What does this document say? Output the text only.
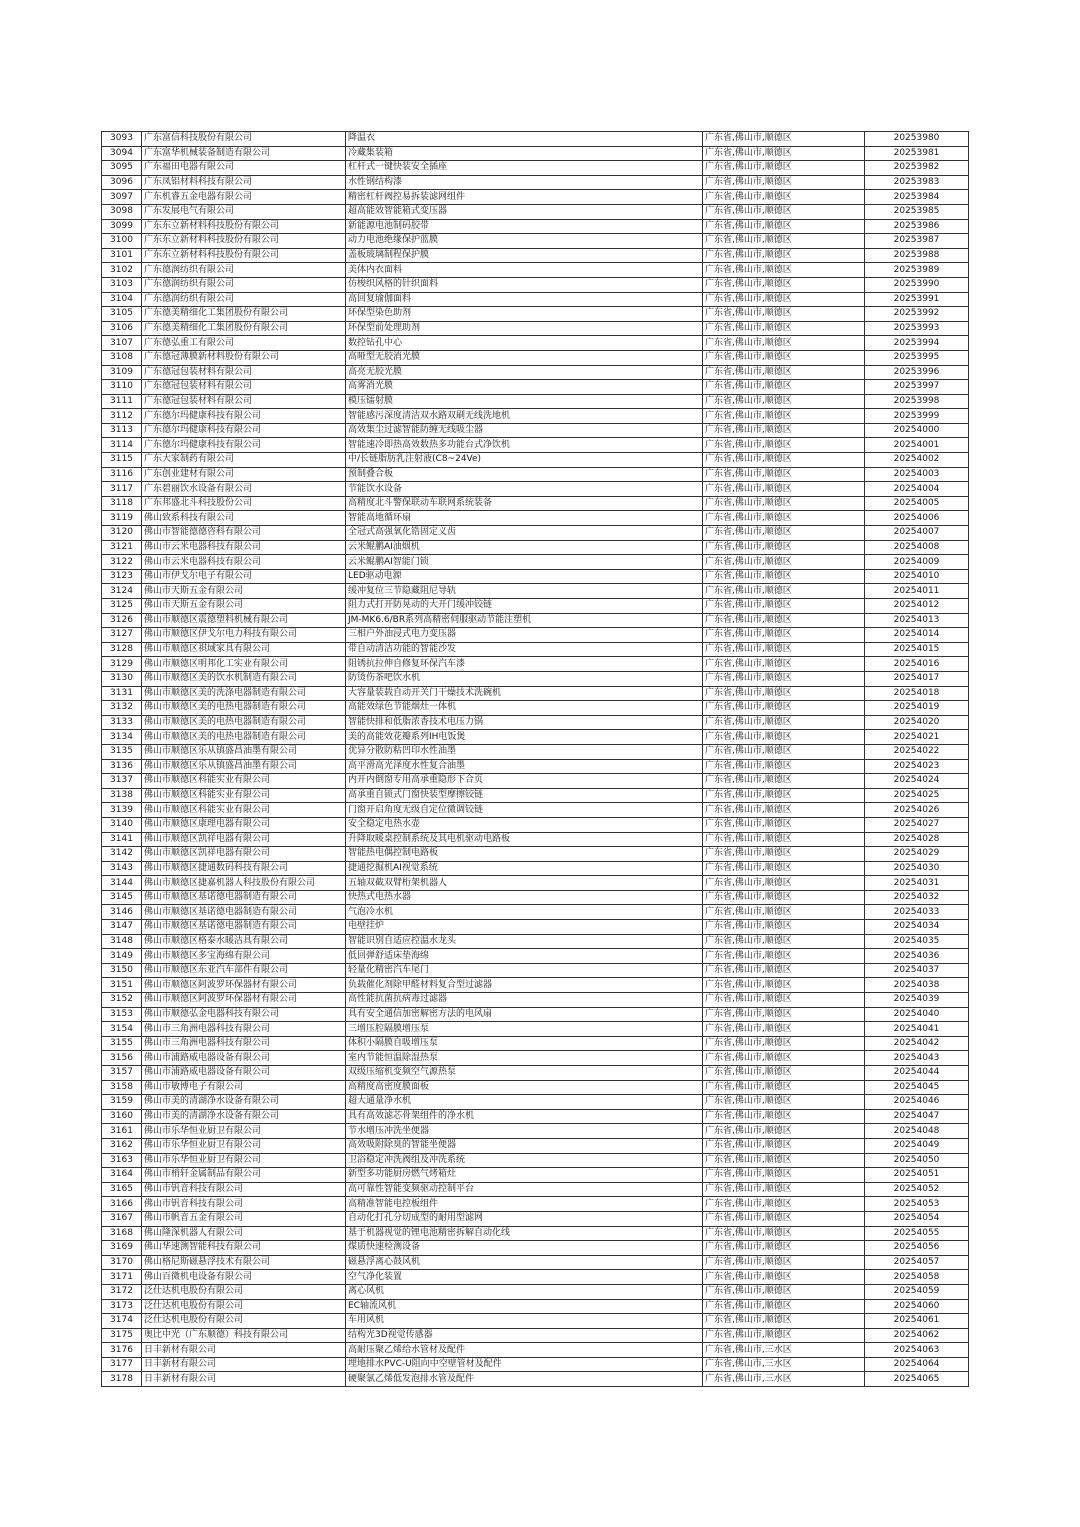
3093	广东富信科技股份有限公司	降温衣	广东省,佛山市,顺德区	20253980
3094	广东富华机械装备制造有限公司	冷藏集装箱	广东省,佛山市,顺德区	20253981
3095	广东福田电器有限公司	杠杆式一键快装安全插座	广东省,佛山市,顺德区	20253982
3096	广东凤铝材料科技有限公司	水性钢结构漆	广东省,佛山市,顺德区	20253983
3097	广东机睿五金电器有限公司	精密杠杆阀控易拆装滤网组件	广东省,佛山市,顺德区	20253984
3098	广东发展电气有限公司	超高能效智能箱式变压器	广东省,佛山市,顺德区	20253985
3099	广东东立新材料科技股份有限公司	新能源电池制码胶带	广东省,佛山市,顺德区	20253986
3100	广东东立新材料科技股份有限公司	动力电池绝缘保护蓝膜	广东省,佛山市,顺德区	20253987
3101	广东东立新材料科技股份有限公司	盖板玻璃制程保护膜	广东省,佛山市,顺德区	20253988
3102	广东德润纺织有限公司	美体内衣面料	广东省,佛山市,顺德区	20253989
3103	广东德润纺织有限公司	仿梭织风格的针织面料	广东省,佛山市,顺德区	20253990
3104	广东德润纺织有限公司	高回复瑜伽面料	广东省,佛山市,顺德区	20253991
3105	广东德美精细化工集团股份有限公司	环保型染色助剂	广东省,佛山市,顺德区	20253992
3106	广东德美精细化工集团股份有限公司	环保型前处理助剂	广东省,佛山市,顺德区	20253993
3107	广东德弘重工有限公司	数控钻孔中心	广东省,佛山市,顺德区	20253994
3108	广东德冠薄膜新材料股份有限公司	高哑型无胶消光膜	广东省,佛山市,顺德区	20253995
3109	广东德冠包装材料有限公司	高亮无胶光膜	广东省,佛山市,顺德区	20253996
3110	广东德冠包装材料有限公司	高雾消光膜	广东省,佛山市,顺德区	20253997
3111	广东德冠包装材料有限公司	模压镭射膜	广东省,佛山市,顺德区	20253998
3112	广东德尔玛健康科技有限公司	智能感污深度清洁双水路双刷无线洗地机	广东省,佛山市,顺德区	20253999
3113	广东德尔玛健康科技有限公司	高效集尘过滤智能防缠无线吸尘器	广东省,佛山市,顺德区	20254000
3114	广东德尔玛健康科技有限公司	智能速冷即热高效数热多功能台式净饮机	广东省,佛山市,顺德区	20254001
3115	广东大家制药有限公司	中/长链脂肪乳注射液(C8~24Ve)	广东省,佛山市,顺德区	20254002
3116	广东创业建材有限公司	预制叠合板	广东省,佛山市,顺德区	20254003
3117	广东碧丽饮水设备有限公司	节能饮水设备	广东省,佛山市,顺德区	20254004
3118	广东邦盛北斗科技股份公司	高精度北斗警保联动车联网系统装备	广东省,佛山市,顺德区	20254005
3119	佛山致系科技有限公司	智能高地循环扇	广东省,佛山市,顺德区	20254006
3120	佛山市智能德德咨科有限公司	全冠式高强氧化锆固定义齿	广东省,佛山市,顺德区	20254007
3121	佛山市云米电器科技有限公司	云米鲲鹏AI油烟机	广东省,佛山市,顺德区	20254008
3122	佛山市云米电器科技有限公司	云米鲲鹏AI智能门锁	广东省,佛山市,顺德区	20254009
3123	佛山市伊戈尔电子有限公司	LED驱动电源	广东省,佛山市,顺德区	20254010
3124	佛山市天斯五金有限公司	缓冲复位三节隐藏阻尼导轨	广东省,佛山市,顺德区	20254011
3125	佛山市天斯五金有限公司	阻力式打开防晃动的大开门缓冲铰链	广东省,佛山市,顺德区	20254012
3126	佛山市顺德区震德塑料机械有限公司	JM-MK6.6/BR系列高精密伺服驱动节能注塑机	广东省,佛山市,顺德区	20254013
3127	佛山市顺德区伊戈尔电力科技有限公司	三相户外油浸式电力变压器	广东省,佛山市,顺德区	20254014
3128	佛山市顺德区祺域家具有限公司	带自动清洁功能的智能沙发	广东省,佛山市,顺德区	20254015
3129	佛山市顺德区明邦化工实业有限公司	阻锈抗拉伸自修复环保汽车漆	广东省,佛山市,顺德区	20254016
3130	佛山市顺德区美的饮水机制造有限公司	防烫伤茶吧饮水机	广东省,佛山市,顺德区	20254017
3131	佛山市顺德区美的洗涤电器制造有限公司	大容量装载自动开关门干燥技术洗碗机	广东省,佛山市,顺德区	20254018
3132	佛山市顺德区美的电热电器制造有限公司	高能效绿色节能烟灶一体机	广东省,佛山市,顺德区	20254019
3133	佛山市顺德区美的电热电器制造有限公司	智能快排和低脂浓香技术电压力锅	广东省,佛山市,顺德区	20254020
3134	佛山市顺德区美的电热电器制造有限公司	美的高能效花瓣系列IH电饭煲	广东省,佛山市,顺德区	20254021
3135	佛山市顺德区乐从镇盛昌油墨有限公司	优异分散防粘凹印水性油墨	广东省,佛山市,顺德区	20254022
3136	佛山市顺德区乐从镇盛昌油墨有限公司	高平滑高光泽度水性复合油墨	广东省,佛山市,顺德区	20254023
3137	佛山市顺德区科能实业有限公司	内开内倒窗专用高承重隐形下合页	广东省,佛山市,顺德区	20254024
3138	佛山市顺德区科能实业有限公司	高承重自锁式门窗快装型摩擦铰链	广东省,佛山市,顺德区	20254025
3139	佛山市顺德区科能实业有限公司	门窗开启角度无级自定位微调铰链	广东省,佛山市,顺德区	20254026
3140	佛山市顺德区康理电器有限公司	安全稳定电热水壶	广东省,佛山市,顺德区	20254027
3141	佛山市顺德区凯祥电器有限公司	升降取暖桌控制系统及其电机驱动电路板	广东省,佛山市,顺德区	20254028
3142	佛山市顺德区凯祥电器有限公司	智能热电偶控制电路板	广东省,佛山市,顺德区	20254029
3143	佛山市顺德区捷通数码科技有限公司	捷通挖掘机AI视觉系统	广东省,佛山市,顺德区	20254030
3144	佛山市顺德区捷嘉机器人科技股份有限公司	五轴双截双臂桁架机器人	广东省,佛山市,顺德区	20254031
3145	佛山市顺德区基诺德电器制造有限公司	快热式电热水器	广东省,佛山市,顺德区	20254032
3146	佛山市顺德区基诺德电器制造有限公司	气泡冷水机	广东省,佛山市,顺德区	20254033
3147	佛山市顺德区基诺德电器制造有限公司	电壁挂炉	广东省,佛山市,顺德区	20254034
3148	佛山市顺德区格泰水暖洁具有限公司	智能识别自适应控温水龙头	广东省,佛山市,顺德区	20254035
3149	佛山市顺德区多宝海绵有限公司	低回弹舒适床垫海绵	广东省,佛山市,顺德区	20254036
3150	佛山市顺德区东亚汽车部件有限公司	轻量化精密汽车尾门	广东省,佛山市,顺德区	20254037
3151	佛山市顺德区阿波罗环保器材有限公司	负载催化剂除甲醛材料复合型过滤器	广东省,佛山市,顺德区	20254038
3152	佛山市顺德区阿波罗环保器材有限公司	高性能抗菌抗病毒过滤器	广东省,佛山市,顺德区	20254039
3153	佛山市顺德弘金电器科技有限公司	具有安全通信加密解密方法的电风扇	广东省,佛山市,顺德区	20254040
3154	佛山市三角洲电器科技有限公司	三增压腔隔膜增压泵	广东省,佛山市,顺德区	20254041
3155	佛山市三角洲电器科技有限公司	体积小隔膜自吸增压泵	广东省,佛山市,顺德区	20254042
3156	佛山市浦路威电器设备有限公司	室内节能恒温除湿热泵	广东省,佛山市,顺德区	20254043
3157	佛山市浦路威电器设备有限公司	双级压缩机变频空气源热泵	广东省,佛山市,顺德区	20254044
3158	佛山市敏博电子有限公司	高精度高密度膜面板	广东省,佛山市,顺德区	20254045
3159	佛山市美的清湖净水设备有限公司	超大通量净水机	广东省,佛山市,顺德区	20254046
3160	佛山市美的清湖净水设备有限公司	具有高效滤芯骨架组件的净水机	广东省,佛山市,顺德区	20254047
3161	佛山市乐华恒业厨卫有限公司	节水增压冲洗坐便器	广东省,佛山市,顺德区	20254048
3162	佛山市乐华恒业厨卫有限公司	高效吸附除臭的智能坐便器	广东省,佛山市,顺德区	20254049
3163	佛山市乐华恒业厨卫有限公司	卫浴稳定冲洗阀组及冲洗系统	广东省,佛山市,顺德区	20254050
3164	佛山市梢轩金属制品有限公司	新型多功能厨房燃气烤箱灶	广东省,佛山市,顺德区	20254051
3165	佛山市钒音科技有限公司	高可靠性智能变频驱动控制平台	广东省,佛山市,顺德区	20254052
3166	佛山市钒音科技有限公司	高精准智能电控板组件	广东省,佛山市,顺德区	20254053
3167	佛山市帆音五金有限公司	自动化打孔分切成型的耐用型滤网	广东省,佛山市,顺德区	20254054
3168	佛山隆深机器人有限公司	基于机器视觉的锂电池精密拆解自动化线	广东省,佛山市,顺德区	20254055
3169	佛山华速测智能科技有限公司	煤质快速检测设备	广东省,佛山市,顺德区	20254056
3170	佛山格尼斯磁悬浮技术有限公司	磁悬浮离心鼓风机	广东省,佛山市,顺德区	20254057
3171	佛山百微机电设备有限公司	空气净化装置	广东省,佛山市,顺德区	20254058
3172	泛仕达机电股份有限公司	离心风机	广东省,佛山市,顺德区	20254059
3173	泛仕达机电股份有限公司	EC轴流风机	广东省,佛山市,顺德区	20254060
3174	泛仕达机电股份有限公司	车用风机	广东省,佛山市,顺德区	20254061
3175	奥比中光（广东顺德）科技有限公司	结构光3D视觉传感器	广东省,佛山市,顺德区	20254062
3176	日丰新材有限公司	高耐压聚乙烯给水管材及配件	广东省,佛山市,三水区	20254063
3177	日丰新材有限公司	埋地排水PVC-U阻向中空壁管材及配件	广东省,佛山市,三水区	20254064
3178	日丰新材有限公司	硬聚氯乙烯低发泡排水管及配件	广东省,佛山市,三水区	20254065
